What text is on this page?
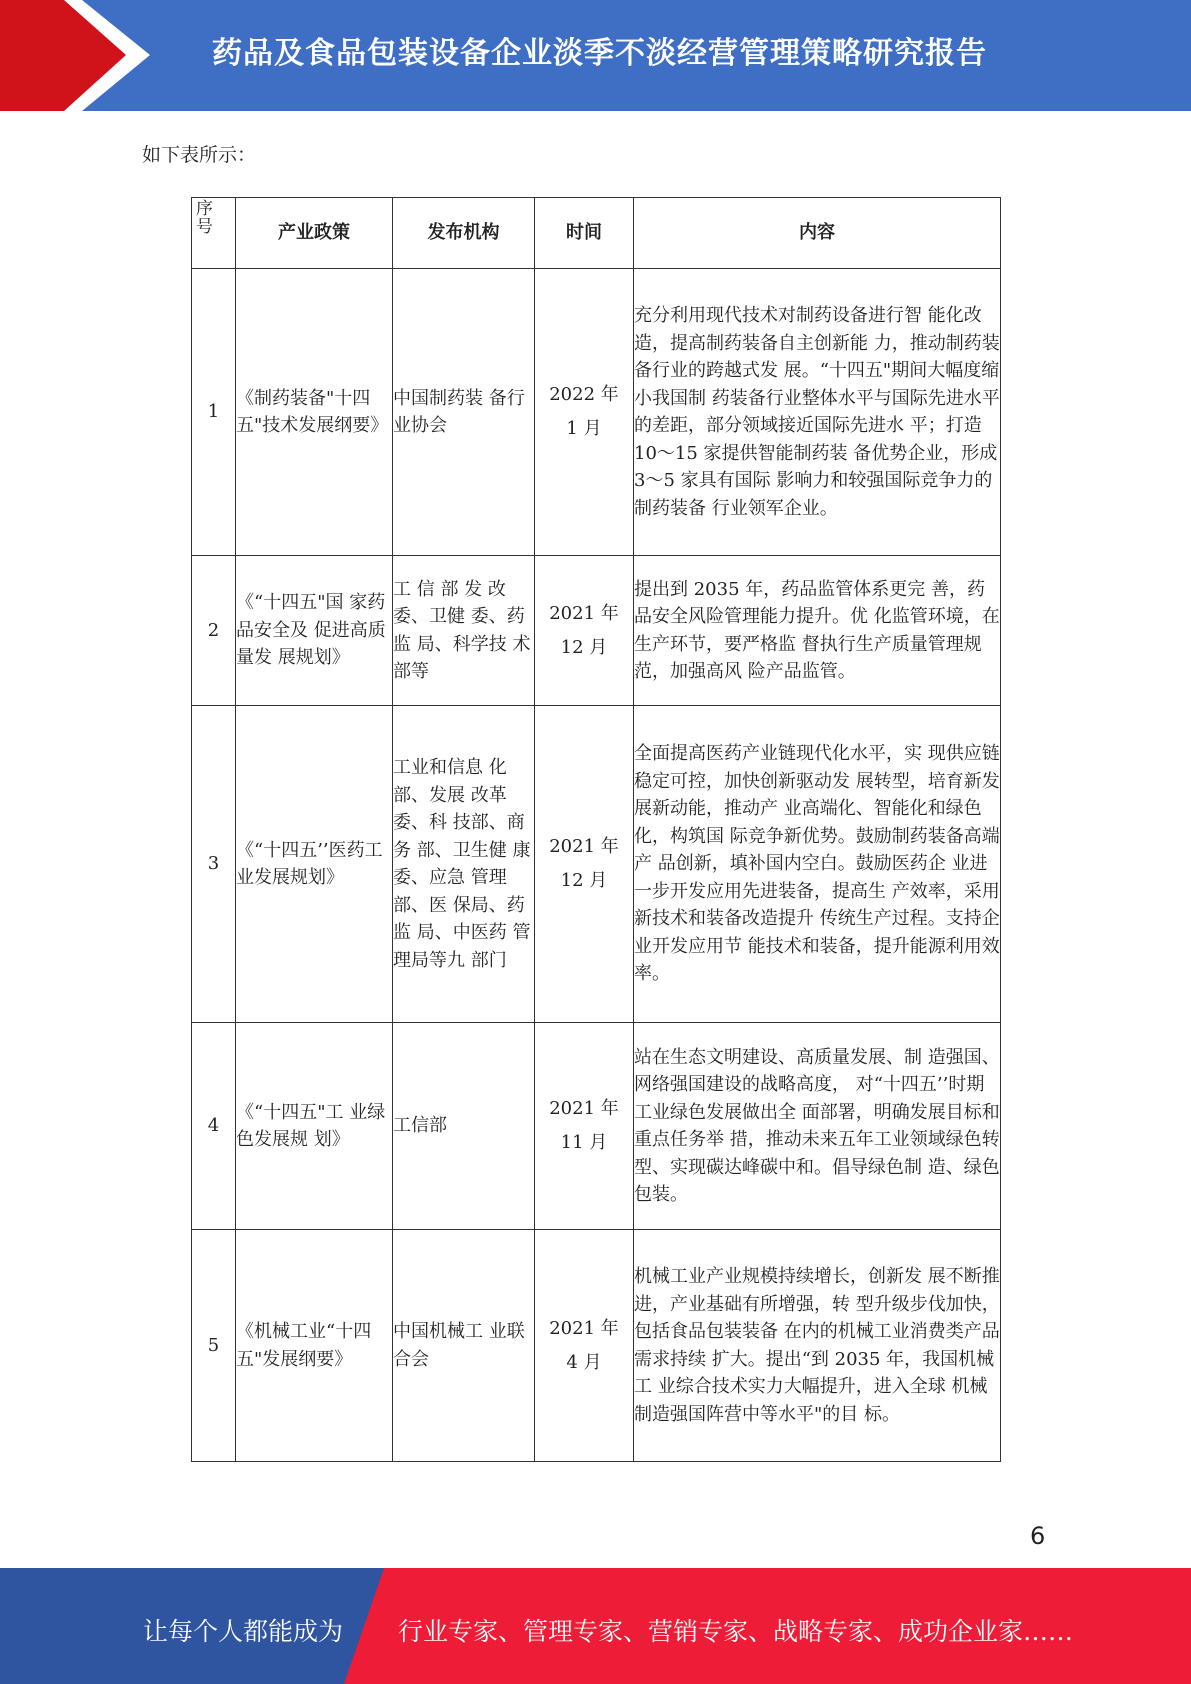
药品及食品包装设备企业淡季不淡经营管理策略研究报告
如下表所示：
序号	产业政策	发布机构	时间	内容
1	《制药装备"十四五"技术发展纲要》	中国制药装 备行业协会	2022 年 1 月	充分利用现代技术对制药设备进行智 能化改造，提高制药装备自主创新能 力，推动制药装备行业的跨越式发 展。“十四五"期间大幅度缩小我国制 药装备行业整体水平与国际先进水平 的差距，部分领域接近国际先进水 平；打造 10〜15 家提供智能制药装 备优势企业，形成 3〜5 家具有国际 影响力和较强国际竞争力的制药装备 行业领军企业。
2	《“十四五"国 家药品安全及 促进高质量发 展规划》	工 信 部 发 改 委、卫健 委、药监 局、科学技 术部等	2021 年 12 月	提出到 2035 年，药品监管体系更完 善，药品安全风险管理能力提升。优 化监管环境，在生产环节，要严格监 督执行生产质量管理规范，加强高风 险产品监管。
3	《“十四五’’医药工业发展规划》	工业和信息 化部、发展 改革委、科 技部、商务 部、卫生健 康委、应急 管理部、医 保局、药监 局、中医药 管理局等九 部门	2021 年 12 月	全面提高医药产业链现代化水平，实 现供应链稳定可控，加快创新驱动发 展转型，培育新发展新动能，推动产 业高端化、智能化和绿色化，构筑国 际竞争新优势。鼓励制药装备高端产 品创新，填补国内空白。鼓励医药企 业进一步开发应用先进装备，提高生 产效率，采用新技术和装备改造提升 传统生产过程。支持企业开发应用节 能技术和装备，提升能源利用效率。
4	《“十四五"工 业绿色发展规 划》	工信部	2021 年 11 月	站在生态文明建设、高质量发展、制 造强国、网络强国建设的战略高度， 对“十四五’’时期工业绿色发展做出全 面部署，明确发展目标和重点任务举 措，推动未来五年工业领域绿色转 型、实现碳达峰碳中和。倡导绿色制 造、绿色包装。
5	《机械工业“十四五"发展纲要》	中国机械工 业联合会	2021 年 4 月	机械工业产业规模持续增长，创新发 展不断推进，产业基础有所增强，转 型升级步伐加快，包括食品包装装备 在内的机械工业消费类产品需求持续 扩大。提出“到 2035 年，我国机械工 业综合技术实力大幅提升，进入全球 机械制造强国阵营中等水平"的目 标。
6
让每个人都能成为 行业专家、管理专家、营销专家、战略专家、成功企业家……
